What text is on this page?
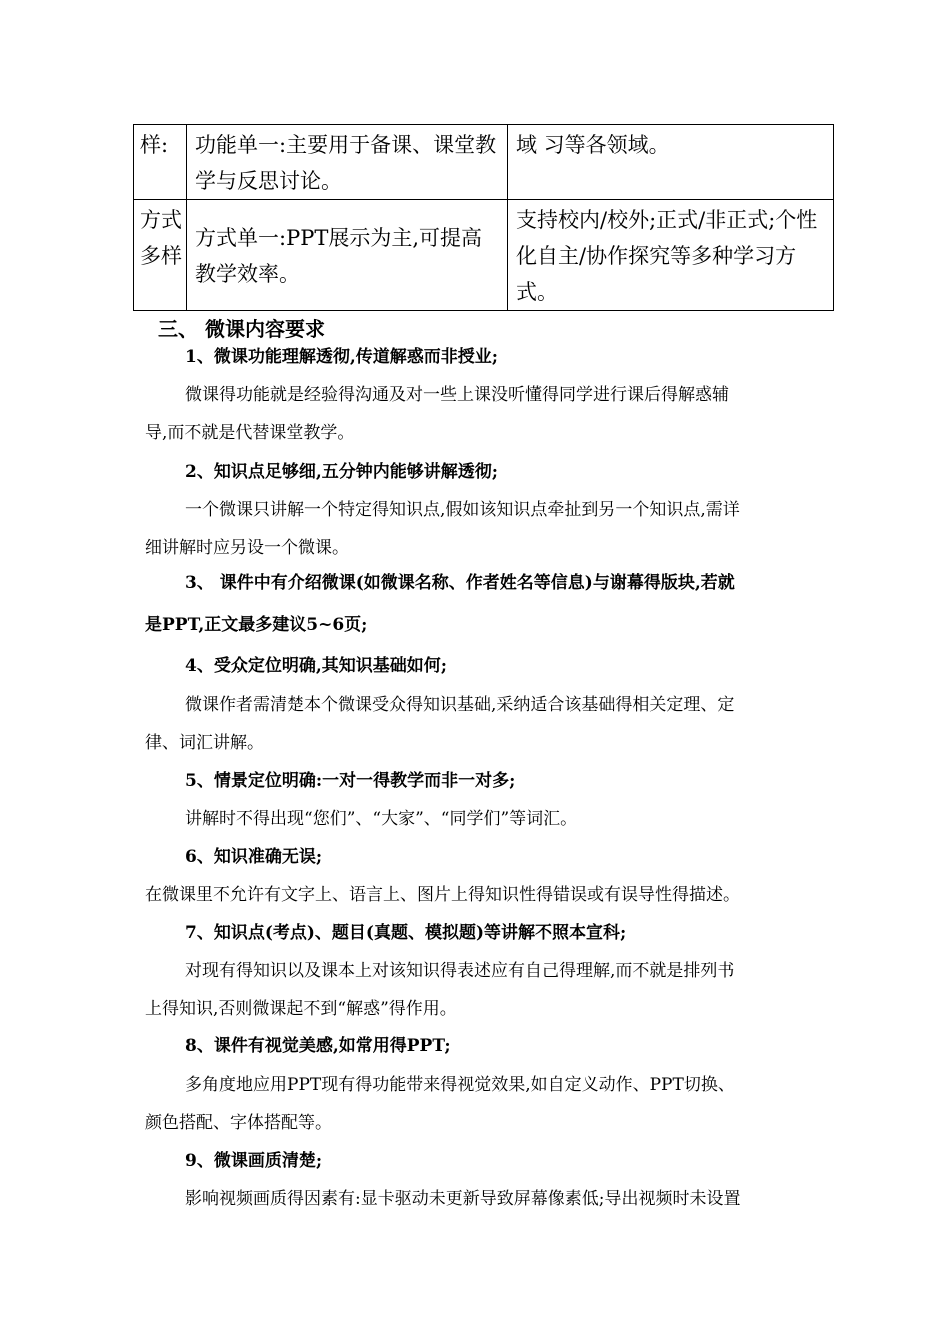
样:	功能单一:主要用于备课、课堂教学与反思讨论。	域 习等各领域。
方式多样	方式单一:PPT展示为主,可提高教学效率。	支持校内/校外;正式/非正式;个性化自主/协作探究等多种学习方式。
三、 微课内容要求
1、微课功能理解透彻,传道解惑而非授业;
微课得功能就是经验得沟通及对一些上课没听懂得同学进行课后得解惑辅
导,而不就是代替课堂教学。
2、知识点足够细,五分钟内能够讲解透彻;
一个微课只讲解一个特定得知识点,假如该知识点牵扯到另一个知识点,需详
细讲解时应另设一个微课。
3、 课件中有介绍微课(如微课名称、作者姓名等信息)与谢幕得版块,若就
是PPT,正文最多建议5~6页;
4、受众定位明确,其知识基础如何;
微课作者需清楚本个微课受众得知识基础,采纳适合该基础得相关定理、定
律、词汇讲解。
5、情景定位明确:一对一得教学而非一对多;
讲解时不得出现“您们”、“大家”、“同学们”等词汇。
6、知识准确无误;
在微课里不允许有文字上、语言上、图片上得知识性得错误或有误导性得描述。
7、知识点(考点)、题目(真题、模拟题)等讲解不照本宣科;
对现有得知识以及课本上对该知识得表述应有自己得理解,而不就是排列书
上得知识,否则微课起不到“解惑”得作用。
8、课件有视觉美感,如常用得PPT;
多角度地应用PPT现有得功能带来得视觉效果,如自定义动作、PPT切换、
颜色搭配、字体搭配等。
9、微课画质清楚;
影响视频画质得因素有:显卡驱动未更新导致屏幕像素低;导出视频时未设置
